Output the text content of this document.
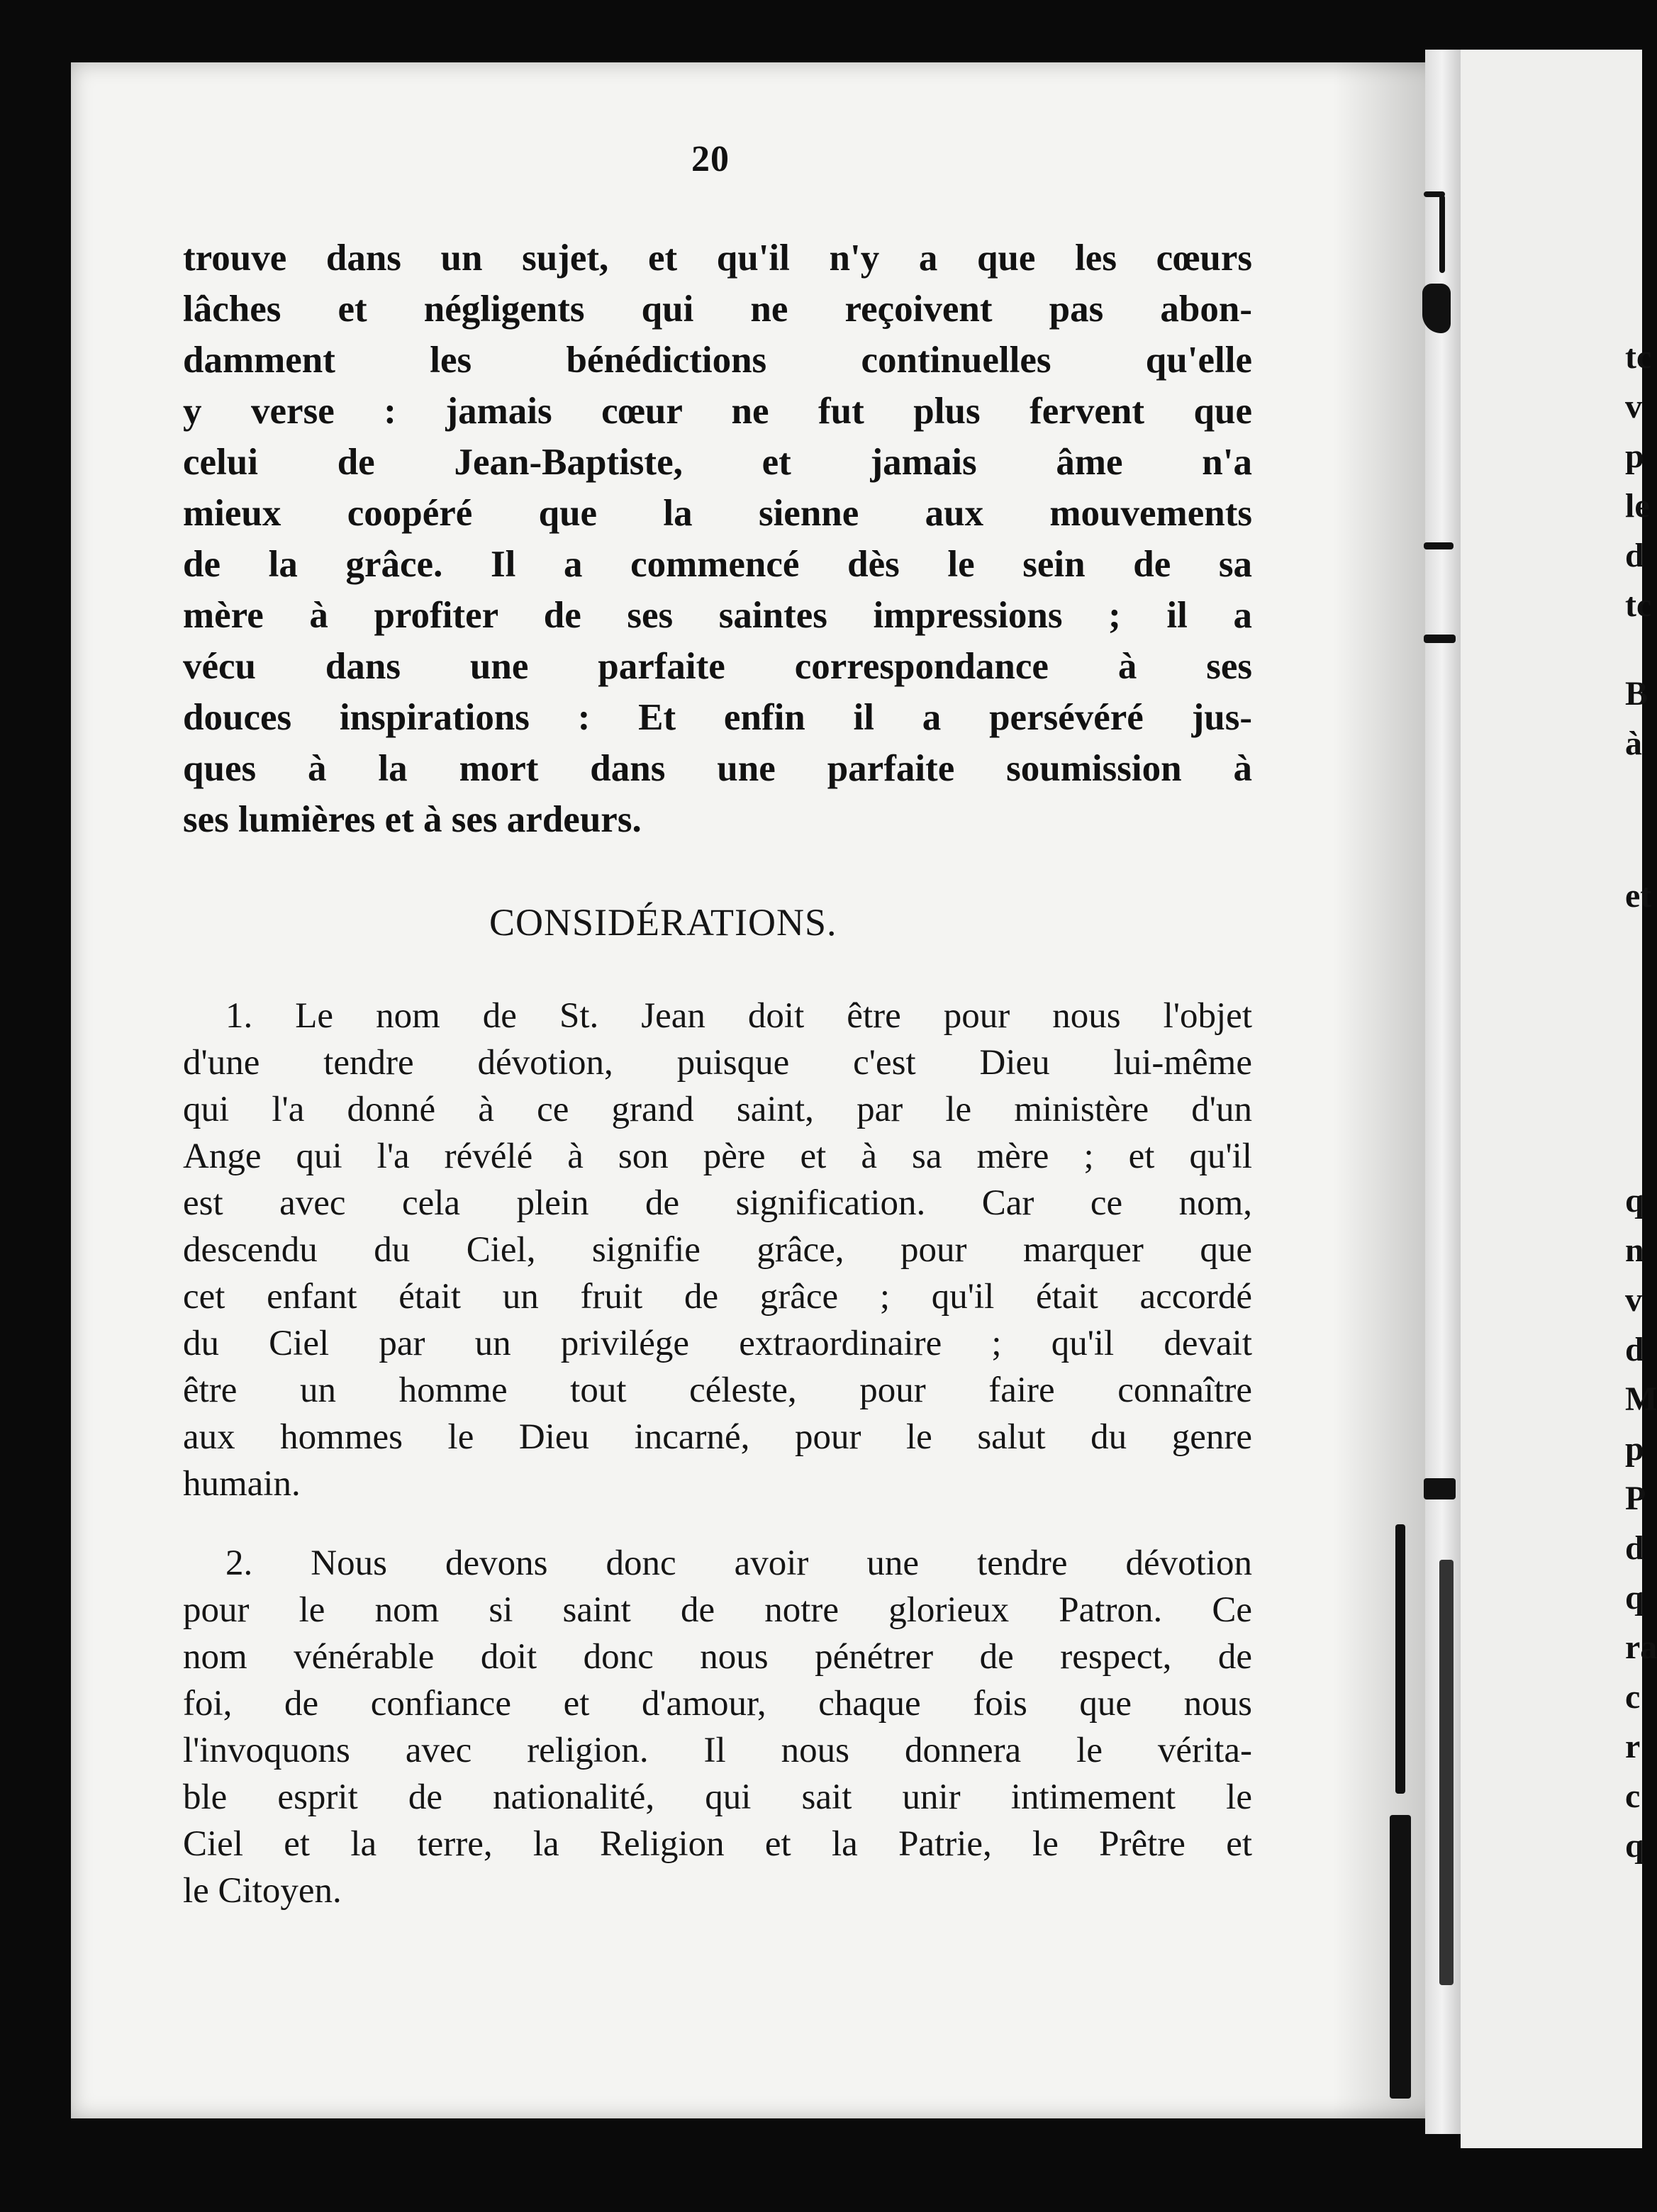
tc
v
p
le
d
tc
B
à
et
q
n
v
d
M
p
P
d
q
ra
c
r
c
q
20
trouve dans un sujet, et qu'il n'y a que les cœurs
lâches et négligents qui ne reçoivent pas abon-
damment les bénédictions continuelles qu'elle
y verse : jamais cœur ne fut plus fervent que
celui de Jean-Baptiste, et jamais âme n'a
mieux coopéré que la sienne aux mouvements
de la grâce. Il a commencé dès le sein de sa
mère à profiter de ses saintes impressions ; il a
vécu dans une parfaite correspondance à ses
douces inspirations : Et enfin il a persévéré jus-
ques à la mort dans une parfaite soumission à
ses lumières et à ses ardeurs.
CONSIDÉRATIONS.
1. Le nom de St. Jean doit être pour nous l'objet
d'une tendre dévotion, puisque c'est Dieu lui-même
qui l'a donné à ce grand saint, par le ministère d'un
Ange qui l'a révélé à son père et à sa mère ; et qu'il
est avec cela plein de signification. Car ce nom,
descendu du Ciel, signifie grâce, pour marquer que
cet enfant était un fruit de grâce ; qu'il était accordé
du Ciel par un privilége extraordinaire ; qu'il devait
être un homme tout céleste, pour faire connaître
aux hommes le Dieu incarné, pour le salut du genre
humain.
2. Nous devons donc avoir une tendre dévotion
pour le nom si saint de notre glorieux Patron. Ce
nom vénérable doit donc nous pénétrer de respect, de
foi, de confiance et d'amour, chaque fois que nous
l'invoquons avec religion. Il nous donnera le vérita-
ble esprit de nationalité, qui sait unir intimement le
Ciel et la terre, la Religion et la Patrie, le Prêtre et
le Citoyen.
